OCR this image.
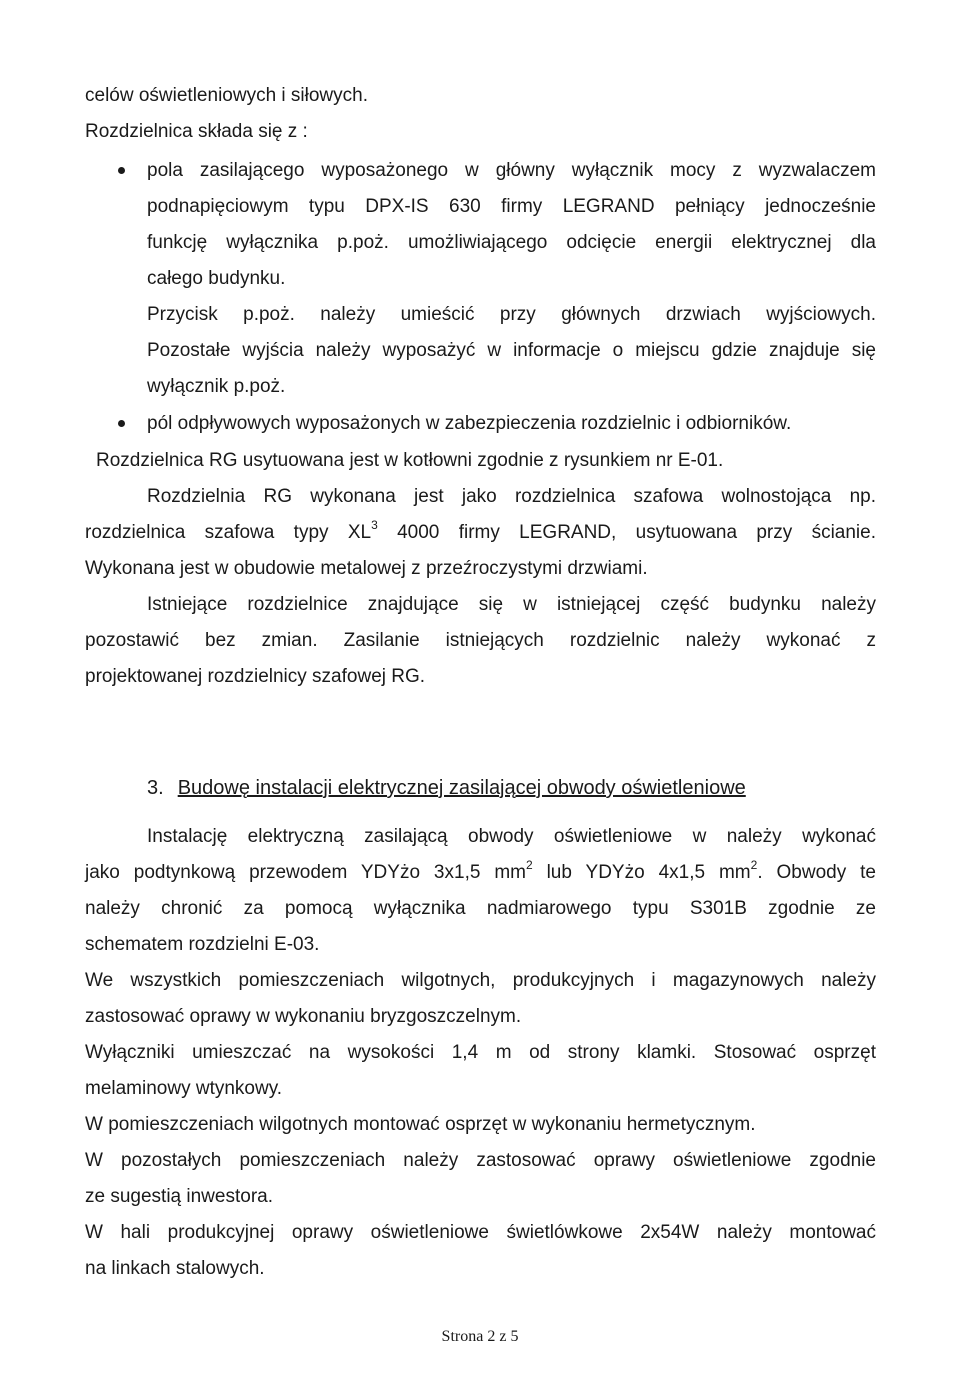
celów oświetleniowych i siłowych.

Rozdzielnica składa się z :

pola zasilającego wyposażonego w główny wyłącznik mocy z wyzwalaczem

podnapięciowym typu DPX-IS 630 firmy LEGRAND pełniący jednocześnie

funkcję wyłącznika p.poż. umożliwiającego odcięcie energii elektrycznej dla

całego budynku.

Przycisk p.poż. należy umieścić przy głównych drzwiach wyjściowych.

Pozostałe wyjścia należy wyposażyć w informacje o miejscu gdzie znajduje się

wyłącznik p.poż.

pól odpływowych wyposażonych w zabezpieczenia rozdzielnic i odbiorników.

Rozdzielnica RG usytuowana jest w kotłowni zgodnie z rysunkiem nr E-01.

Rozdzielnia RG wykonana jest jako rozdzielnica szafowa wolnostojąca np.

rozdzielnica szafowa typy $XL^3$ 4000 firmy LEGRAND, usytuowana przy ścianie.

Wykonana jest w obudowie metalowej z przeźroczystymi drzwiami.

Istniejące rozdzielnice znajdujące się w istniejącej część budynku należy

pozostawić bez zmian. Zasilanie istniejących rozdzielnic należy wykonać z

projektowanej rozdzielnicy szafowej RG.

3. Budowę instalacji elektrycznej zasilającej obwody oświetleniowe

Instalację elektryczną zasilającą obwody oświetleniowe w należy wykonać

jako podtynkową przewodem YDYżo 3x1,5 $mm^2$ lub YDYżo 4x1,5 $mm^2$. Obwody te

należy chronić za pomocą wyłącznika nadmiarowego typu S301B zgodnie ze

schematem rozdzielni E-03.

We wszystkich pomieszczeniach wilgotnych, produkcyjnych i magazynowych należy

zastosować oprawy w wykonaniu bryzgoszczelnym.

Wyłączniki umieszczać na wysokości 1,4 m od strony klamki. Stosować osprzęt

melaminowy wtynkowy.

W pomieszczeniach wilgotnych montować osprzęt w wykonaniu hermetycznym.

W pozostałych pomieszczeniach należy zastosować oprawy oświetleniowe zgodnie

ze sugestią inwestora.

W hali produkcyjnej oprawy oświetleniowe świetlówkowe 2x54W należy montować

na linkach stalowych.

Strona 2 z 5
